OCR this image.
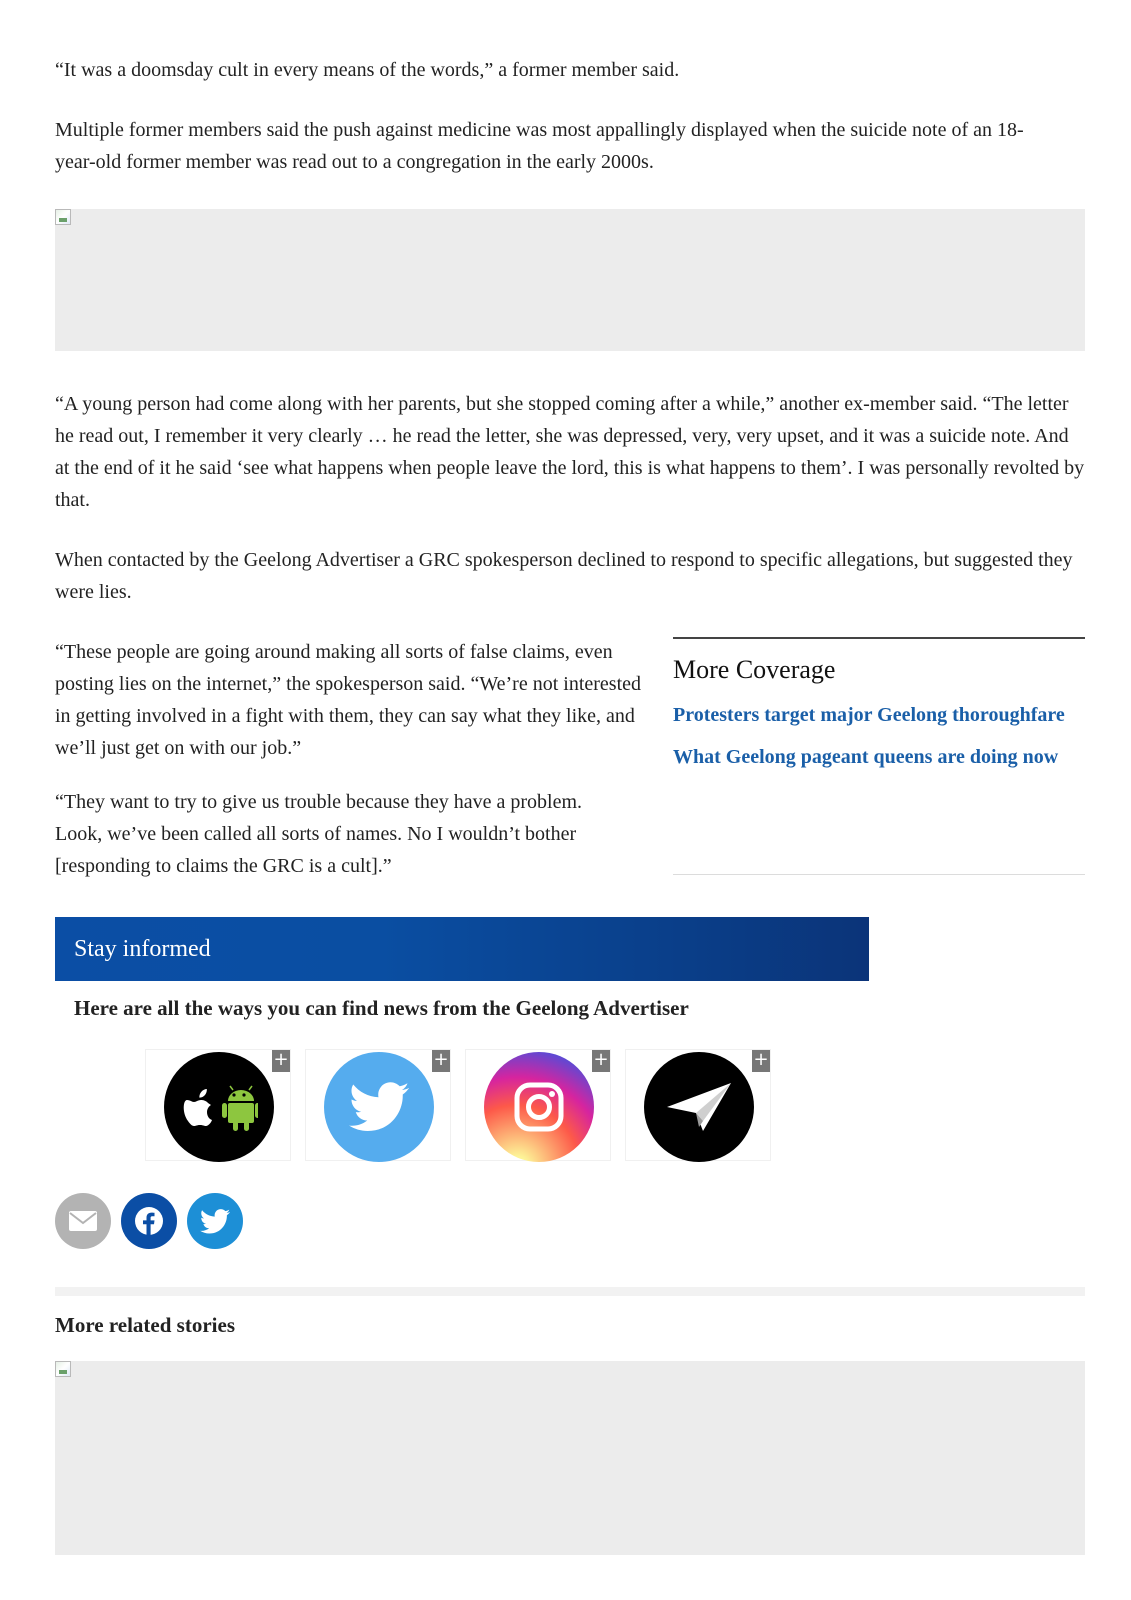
“It was a doomsday cult in every means of the words,” a former member said.

Multiple former members said the push against medicine was most appallingly displayed when the suicide note of an 18-year-old former member was read out to a congregation in the early 2000s.

“A young person had come along with her parents, but she stopped coming after a while,” another ex-member said. “The letter he read out, I remember it very clearly … he read the letter, she was depressed, very, very upset, and it was a suicide note. And at the end of it he said ‘see what happens when people leave the lord, this is what happens to them’. I was personally revolted by that.

When contacted by the Geelong Advertiser a GRC spokesperson declined to respond to specific allegations, but suggested they were lies.

“These people are going around making all sorts of false claims, even posting lies on the internet,” the spokesperson said. “We’re not interested in getting involved in a fight with them, they can say what they like, and we’ll just get on with our job.”

“They want to try to give us trouble because they have a problem. Look, we’ve been called all sorts of names. No I wouldn’t bother [responding to claims the GRC is a cult].”

More Coverage
Protesters target major Geelong thoroughfare
What Geelong pageant queens are doing now
Stay informed

Here are all the ways you can find news from the Geelong Advertiser

+	+	+	+
More related stories
